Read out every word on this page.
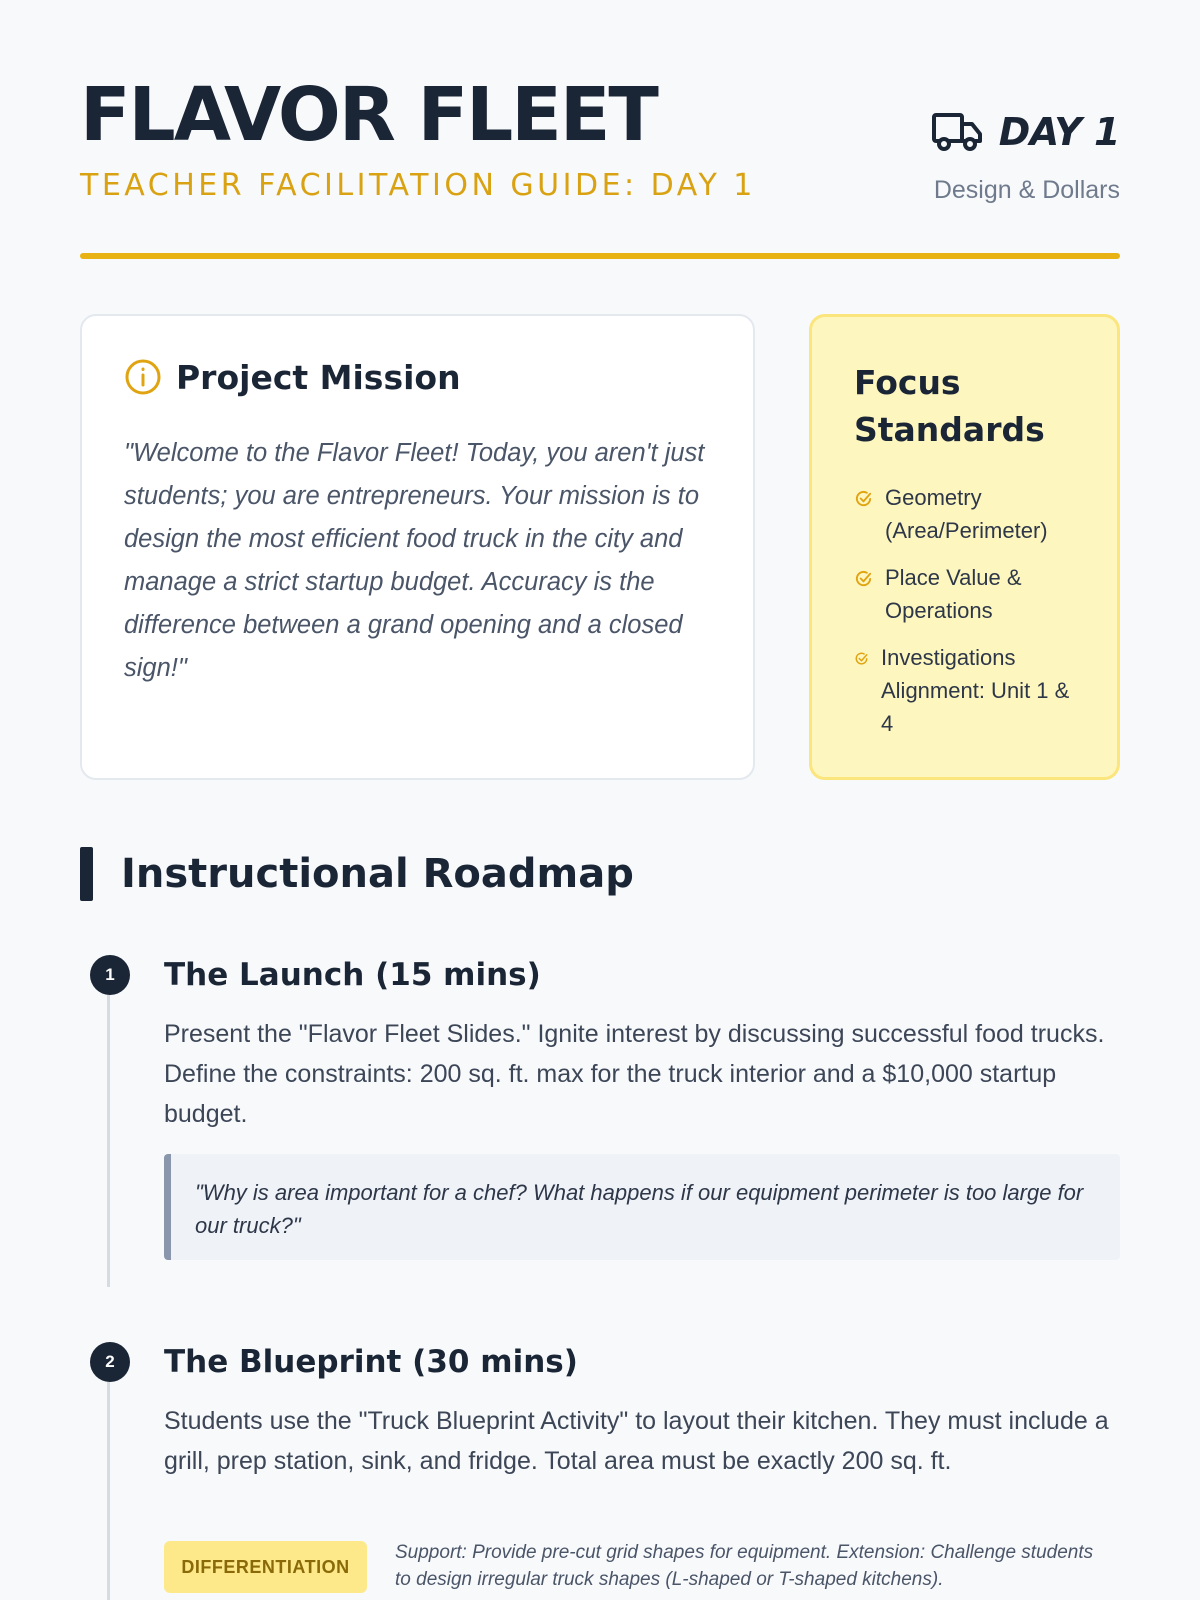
FLAVOR FLEET
TEACHER FACILITATION GUIDE: DAY 1
DAY 1
Design & Dollars
Project Mission

"Welcome to the Flavor Fleet! Today, you aren't just students; you are entrepreneurs. Your mission is to design the most efficient food truck in the city and manage a strict startup budget. Accuracy is the difference between a grand opening and a closed sign!"

Focus Standards
Geometry (Area/Perimeter)
Place Value & Operations
Investigations Alignment: Unit 1 & 4
Instructional Roadmap
1	The Launch (15 mins)

Present the "Flavor Fleet Slides." Ignite interest by discussing successful food trucks. Define the constraints: 200 sq. ft. max for the truck interior and a $10,000 startup budget.

"Why is area important for a chef? What happens if our equipment perimeter is too large for our truck?"
2	The Blueprint (30 mins)

Students use the "Truck Blueprint Activity" to layout their kitchen. They must include a grill, prep station, sink, and fridge. Total area must be exactly 200 sq. ft.

DIFFERENTIATION

Support: Provide pre-cut grid shapes for equipment. Extension: Challenge students to design irregular truck shapes (L-shaped or T-shaped kitchens).
